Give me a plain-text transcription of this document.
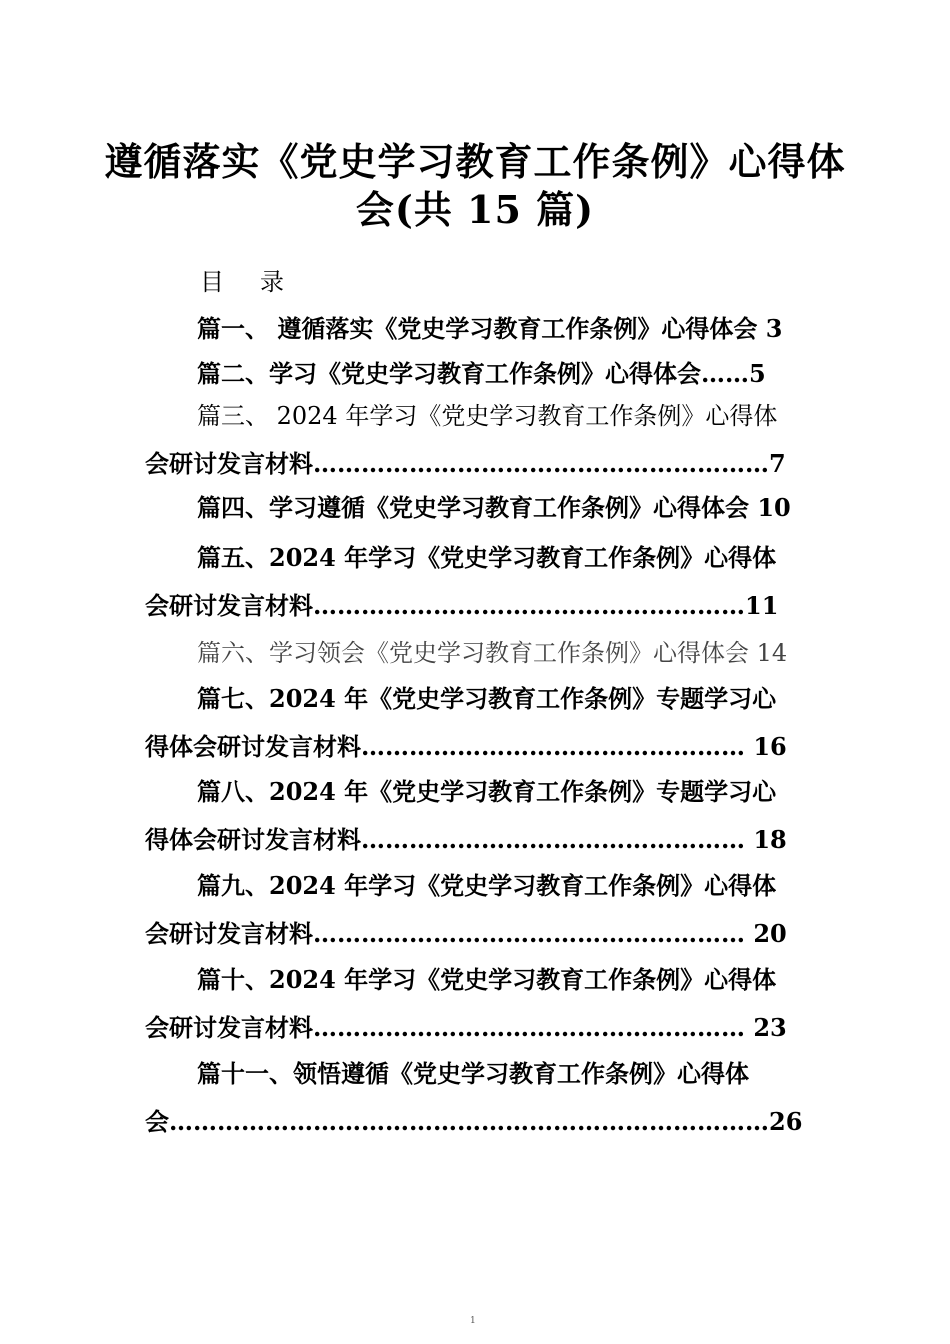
遵循落实《党史学习教育工作条例》心得体
会(共 15 篇)
目 录
篇一、 遵循落实《党史学习教育工作条例》心得体会 3
篇二、学习《党史学习教育工作条例》心得体会……5
篇三、 2024 年学习《党史学习教育工作条例》心得体
会研讨发言材料…………………………………………………7
篇四、学习遵循《党史学习教育工作条例》心得体会 10
篇五、2024 年学习《党史学习教育工作条例》心得体
会研讨发言材料………………………………………………11
篇六、学习领会《党史学习教育工作条例》心得体会 14
篇七、2024 年《党史学习教育工作条例》专题学习心
得体会研讨发言材料………………………………………… 16
篇八、2024 年《党史学习教育工作条例》专题学习心
得体会研讨发言材料………………………………………… 18
篇九、2024 年学习《党史学习教育工作条例》心得体
会研讨发言材料……………………………………………… 20
篇十、2024 年学习《党史学习教育工作条例》心得体
会研讨发言材料……………………………………………… 23
篇十一、领悟遵循《党史学习教育工作条例》心得体
会…………………………………………………………………26
1
